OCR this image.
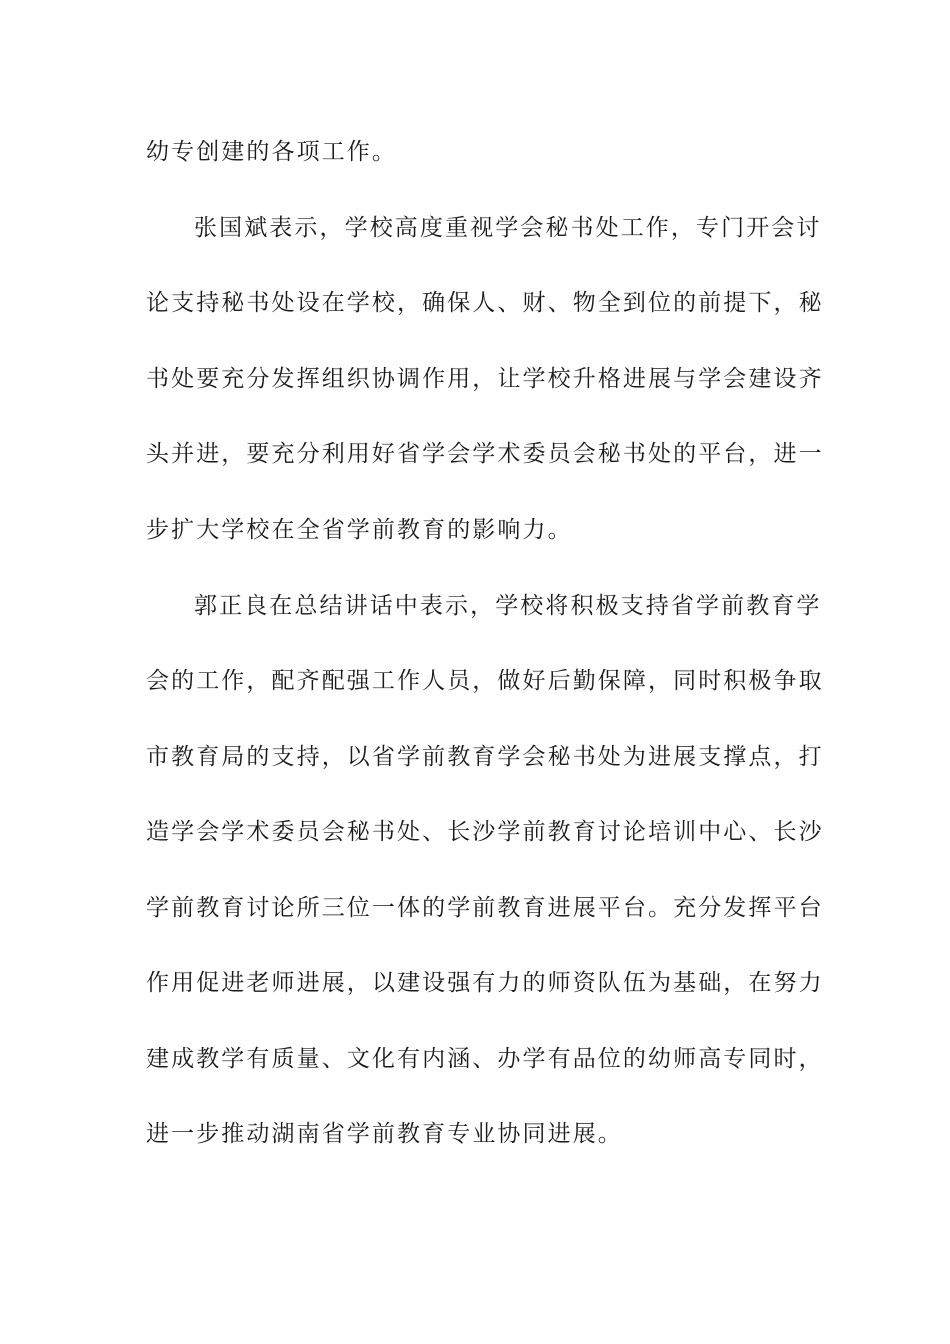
幼专创建的各项工作。
张国斌表示，学校高度重视学会秘书处工作，专门开会讨
论支持秘书处设在学校，确保人、财、物全到位的前提下，秘
书处要充分发挥组织协调作用，让学校升格进展与学会建设齐
头并进，要充分利用好省学会学术委员会秘书处的平台，进一
步扩大学校在全省学前教育的影响力。
郭正良在总结讲话中表示，学校将积极支持省学前教育学
会的工作，配齐配强工作人员，做好后勤保障，同时积极争取
市教育局的支持，以省学前教育学会秘书处为进展支撑点，打
造学会学术委员会秘书处、长沙学前教育讨论培训中心、长沙
学前教育讨论所三位一体的学前教育进展平台。充分发挥平台
作用促进老师进展，以建设强有力的师资队伍为基础，在努力
建成教学有质量、文化有内涵、办学有品位的幼师高专同时，
进一步推动湖南省学前教育专业协同进展。
